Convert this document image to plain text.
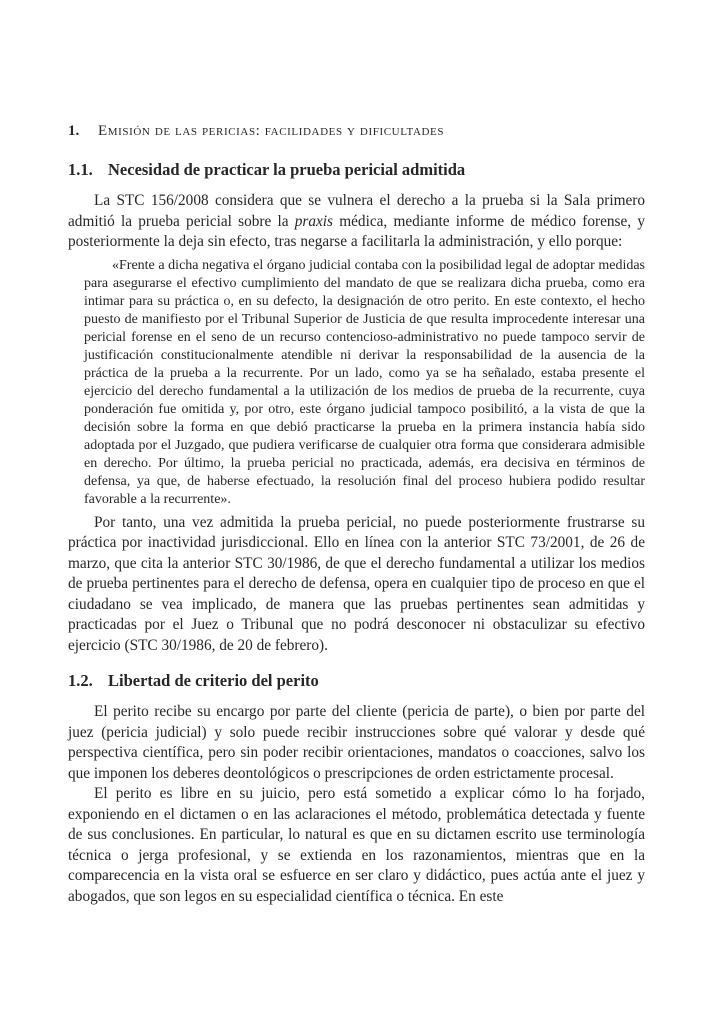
1. Emisión de las pericias: facilidades y dificultades
1.1. Necesidad de practicar la prueba pericial admitida

La STC 156/2008 considera que se vulnera el derecho a la prueba si la Sala primero admitió la prueba pericial sobre la praxis médica, mediante informe de médico forense, y posteriormente la deja sin efecto, tras negarse a facilitarla la administración, y ello porque:

«Frente a dicha negativa el órgano judicial contaba con la posibilidad legal de adoptar medidas para asegurarse el efectivo cumplimiento del mandato de que se realizara dicha prueba, como era intimar para su práctica o, en su defecto, la designación de otro perito. En este contexto, el hecho puesto de manifiesto por el Tribunal Superior de Justicia de que resulta improcedente interesar una pericial forense en el seno de un recurso contencioso-administrativo no puede tampoco servir de justificación constitucionalmente atendible ni derivar la responsabilidad de la ausencia de la práctica de la prueba a la recurrente. Por un lado, como ya se ha señalado, estaba presente el ejercicio del derecho fundamental a la utilización de los medios de prueba de la recurrente, cuya ponderación fue omitida y, por otro, este órgano judicial tampoco posibilitó, a la vista de que la decisión sobre la forma en que debió practicarse la prueba en la primera instancia había sido adoptada por el Juzgado, que pudiera verificarse de cualquier otra forma que considerara admisible en derecho. Por último, la prueba pericial no practicada, además, era decisiva en términos de defensa, ya que, de haberse efectuado, la resolución final del proceso hubiera podido resultar favorable a la recurrente».

Por tanto, una vez admitida la prueba pericial, no puede posteriormente frustrarse su práctica por inactividad jurisdiccional. Ello en línea con la anterior STC 73/2001, de 26 de marzo, que cita la anterior STC 30/1986, de que el derecho fundamental a utilizar los medios de prueba pertinentes para el derecho de defensa, opera en cualquier tipo de proceso en que el ciudadano se vea implicado, de manera que las pruebas pertinentes sean admitidas y practicadas por el Juez o Tribunal que no podrá desconocer ni obstaculizar su efectivo ejercicio (STC 30/1986, de 20 de febrero).

1.2. Libertad de criterio del perito

El perito recibe su encargo por parte del cliente (pericia de parte), o bien por parte del juez (pericia judicial) y solo puede recibir instrucciones sobre qué valorar y desde qué perspectiva científica, pero sin poder recibir orientaciones, mandatos o coacciones, salvo los que imponen los deberes deontológicos o prescripciones de orden estrictamente procesal.

El perito es libre en su juicio, pero está sometido a explicar cómo lo ha forjado, exponiendo en el dictamen o en las aclaraciones el método, problemática detectada y fuente de sus conclusiones. En particular, lo natural es que en su dictamen escrito use terminología técnica o jerga profesional, y se extienda en los razonamientos, mientras que en la comparecencia en la vista oral se esfuerce en ser claro y didáctico, pues actúa ante el juez y abogados, que son legos en su especialidad científica o técnica. En este
